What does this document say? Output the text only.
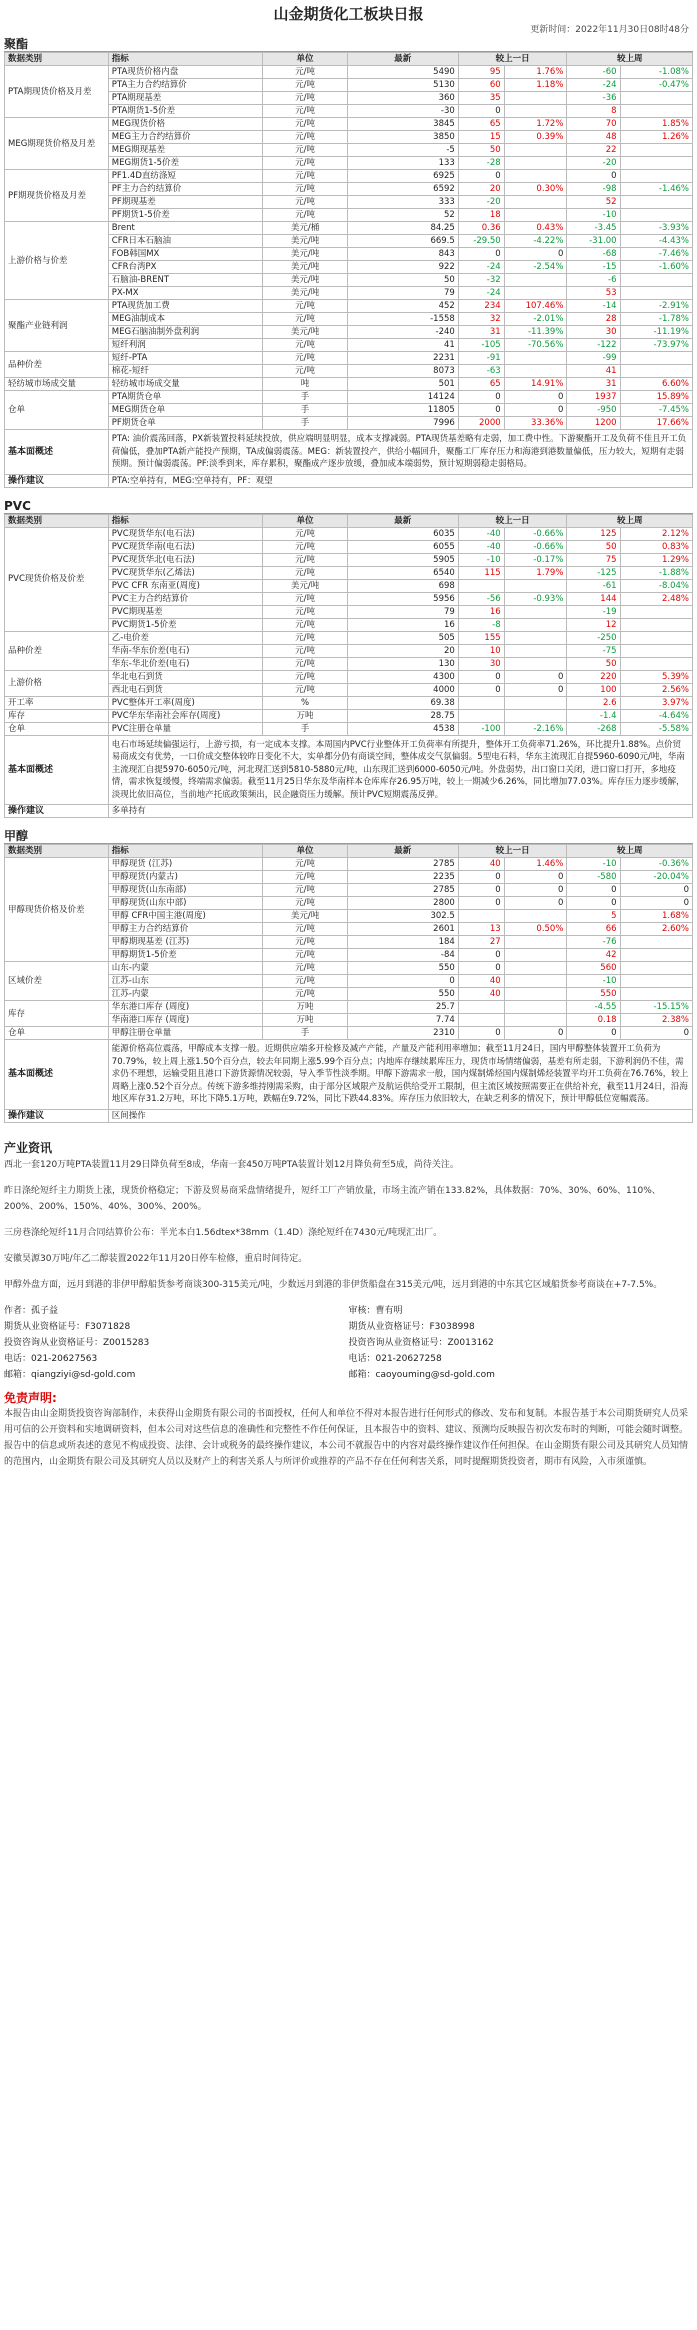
山金期货化工板块日报
更新时间：2022年11月30日08时48分
聚酯
数据类别	指标	单位	最新	较上一日		较上周	
PTA期现货价格及月差	PTA现货价格内盘	元/吨	5490	95	1.76%	-60	-1.08%
	PTA主力合约结算价	元/吨	5130	60	1.18%	-24	-0.47%
	PTA期现基差	元/吨	360	35		-36	
	PTA期货1-5价差	元/吨	-30	0		8	
MEG期现货价格及月差	MEG现货价格	元/吨	3845	65	1.72%	70	1.85%
	MEG主力合约结算价	元/吨	3850	15	0.39%	48	1.26%
	MEG期现基差	元/吨	-5	50		22	
	MEG期货1-5价差	元/吨	133	-28		-20	
PF期现货价格及月差	PF1.4D直纺涤短	元/吨	6925	0		0	
	PF主力合约结算价	元/吨	6592	20	0.30%	-98	-1.46%
	PF期现基差	元/吨	333	-20		52	
	PF期货1-5价差	元/吨	52	18		-10	
上游价格与价差	Brent	美元/桶	84.25	0.36	0.43%	-3.45	-3.93%
	CFR日本石脑油	美元/吨	669.5	-29.50	-4.22%	-31.00	-4.43%
	FOB韩国MX	美元/吨	843	0	0	-68	-7.46%
	CFR台湾PX	美元/吨	922	-24	-2.54%	-15	-1.60%
	石脑油-BRENT	美元/吨	50	-32		-6	
	PX-MX	美元/吨	79	-24		53	
聚酯产业链利润	PTA现货加工费	元/吨	452	234	107.46%	-14	-2.91%
	MEG油制成本	元/吨	-1558	32	-2.01%	28	-1.78%
	MEG石脑油制外盘利润	美元/吨	-240	31	-11.39%	30	-11.19%
	短纤利润	元/吨	41	-105	-70.56%	-122	-73.97%
品种价差	短纤-PTA	元/吨	2231	-91		-99	
	棉花-短纤	元/吨	8073	-63		41	
轻纺城市场成交量	轻纺城市场成交量	吨	501	65	14.91%	31	6.60%
仓单	PTA期货仓单	手	14124	0	0	1937	15.89%
	MEG期货仓单	手	11805	0	0	-950	-7.45%
	PF期货仓单	手	7996	2000	33.36%	1200	17.66%
基本面概述	PTA: 油价震荡回落，PX新装置投料延续投放，供应端明显明显，成本支撑减弱。PTA现货基差略有走弱，加工费中性。下游聚酯开工及负荷不佳且开工负荷偏低，叠加PTA新产能投产预期，TA成偏弱震荡。MEG：新装置投产，供给小幅回升，聚酯工厂库存压力和海港到港数量偏低，压力较大，短期有走弱预期。预计偏弱震荡。PF:淡季到来，库存累积，聚酯成产逐步放缓，叠加成本端弱势，预计短期弱稳走弱格局。						
操作建议	PTA:空单持有，MEG:空单持有，PF：观望						
PVC
数据类别	指标	单位	最新	较上一日		较上周	
PVC现货价格及价差	PVC现货华东(电石法)	元/吨	6035	-40	-0.66%	125	2.12%
	PVC现货华南(电石法)	元/吨	6055	-40	-0.66%	50	0.83%
	PVC现货华北(电石法)	元/吨	5905	-10	-0.17%	75	1.29%
	PVC现货华东(乙烯法)	元/吨	6540	115	1.79%	-125	-1.88%
	PVC CFR 东南亚(周度)	美元/吨	698			-61	-8.04%
	PVC主力合约结算价	元/吨	5956	-56	-0.93%	144	2.48%
	PVC期现基差	元/吨	79	16		-19	
	PVC期货1-5价差	元/吨	16	-8		12	
品种价差	乙-电价差	元/吨	505	155		-250	
	华南-华东价差(电石)	元/吨	20	10		-75	
	华东-华北价差(电石)	元/吨	130	30		50	
上游价格	华北电石到货	元/吨	4300	0	0	220	5.39%
	西北电石到货	元/吨	4000	0	0	100	2.56%
开工率	PVC整体开工率(周度)	%	69.38			2.6	3.97%
库存	PVC华东华南社会库存(周度)	万吨	28.75			-1.4	-4.64%
仓单	PVC注册仓单量	手	4538	-100	-2.16%	-268	-5.58%
基本面概述	电石市场延续偏强运行，上游亏损，有一定成本支撑。本周国内PVC行业整体开工负荷率有所提升，整体开工负荷率71.26%，环比提升1.88%。点价贸易商成交有优势，一口价成交整体较昨日变化不大，实单都分仍有商谈空间，整体成交气氛偏弱。5型电石料，华东主流现汇自提5960-6090元/吨，华南主流现汇自提5970-6050元/吨，河北现汇送到5810-5880元/吨，山东现汇送到6000-6050元/吨。外盘弱势，出口窗口关闭，进口窗口打开，多地疫情，需求恢复缓慢，终端需求偏弱。截至11月25日华东及华南样本仓库库存26.95万吨，较上一期减少6.26%，同比增加77.03%。库存压力逐步缓解，淡现比依旧高位，当前地产托底政策频出，民企融资压力缓解。预计PVC短期震荡反弹。						
操作建议	多单持有						
甲醇
数据类别	指标	单位	最新	较上一日		较上周	
甲醇现货价格及价差	甲醇现货 (江苏)	元/吨	2785	40	1.46%	-10	-0.36%
	甲醇现货(内蒙古)	元/吨	2235	0	0	-580	-20.04%
	甲醇现货(山东南部)	元/吨	2785	0	0	0	0
	甲醇现货(山东中部)	元/吨	2800	0	0	0	0
	甲醇 CFR中国主港(周度)	美元/吨	302.5			5	1.68%
	甲醇主力合约结算价	元/吨	2601	13	0.50%	66	2.60%
	甲醇期现基差 (江苏)	元/吨	184	27		-76	
	甲醇期货1-5价差	元/吨	-84	0		42	
区域价差	山东-内蒙	元/吨	550	0		560	
	江苏-山东	元/吨	0	40		-10	
	江苏-内蒙	元/吨	550	40		550	
库存	华东港口库存 (周度)	万吨	25.7			-4.55	-15.15%
	华南港口库存 (周度)	万吨	7.74			0.18	2.38%
仓单	甲醇注册仓单量	手	2310	0	0	0	0
基本面概述	能源价格高位震荡，甲醇成本支撑一般。近期供应端多开检修及减产产能，产量及产能利用率增加；截至11月24日，国内甲醇整体装置开工负荷为70.79%，较上周上涨1.50个百分点，较去年同期上涨5.99个百分点；内地库存继续累库压力，现货市场情绪偏弱，基差有所走弱，下游利润仍不佳，需求仍不理想，运输受阻且港口下游货源情况较弱，导入季节性淡季期。甲醇下游需求一般，国内煤制烯烃国内煤制烯烃装置平均开工负荷在76.76%，较上周略上涨0.52个百分点。传统下游多维持刚需采购，由于部分区域限产及航运供给受开工限制，但主流区域按照需要正在供给补充，截至11月24日，沿海地区库存31.2万吨，环比下降5.1万吨，跌幅在9.72%，同比下跌44.83%。库存压力依旧较大，在缺乏利多的情况下，预计甲醇低位宽幅震荡。						
操作建议	区间操作						
产业资讯

西北一套120万吨PTA装置11月29日降负荷至8成，华南一套450万吨PTA装置计划12月降负荷至5成，尚待关注。

昨日涤纶短纤主力期货上涨，现货价格稳定；下游及贸易商采盘情绪提升，短纤工厂产销放量，市场主流产销在133.82%，具体数据：70%、30%、60%、110%、200%、200%、150%、40%、300%、200%。

三房巷涤纶短纤11月合同结算价公布：半光本白1.56dtex*38mm（1.4D）涤纶短纤在7430元/吨现汇出厂。

安徽昊源30万吨/年乙二醇装置2022年11月20日停车检修，重启时间待定。

甲醇外盘方面，远月到港的非伊甲醇船货参考商谈300-315美元/吨，少数远月到港的非伊货船盘在315美元/吨，远月到港的中东其它区域船货参考商谈在+7-7.5%。

作者：孤子益
期货从业资格证号：F3071828
投资咨询从业资格证号：Z0015283
电话：021-20627563
邮箱：qiangziyi@sd-gold.com
审核：曹有明
期货从业资格证号：F3038998
投资咨询从业资格证号：Z0013162
电话：021-20627258
邮箱：caoyouming@sd-gold.com
免责声明:
本报告由山金期货投资咨询部制作，未获得山金期货有限公司的书面授权，任何人和单位不得对本报告进行任何形式的修改、发布和复制。本报告基于本公司期货研究人员采用可信的公开资料和实地调研资料，但本公司对这些信息的准确性和完整性不作任何保证，且本报告中的资料、建议、预测均反映报告初次发布时的判断，可能会随时调整。报告中的信息或所表述的意见不构成投资、法律、会计或税务的最终操作建议，本公司不就报告中的内容对最终操作建议作任何担保。在山金期货有限公司及其研究人员知情的范围内，山金期货有限公司及其研究人员以及财产上的利害关系人与所评价或推荐的产品不存在任何利害关系，同时提醒期货投资者，期市有风险，入市须谨慎。
